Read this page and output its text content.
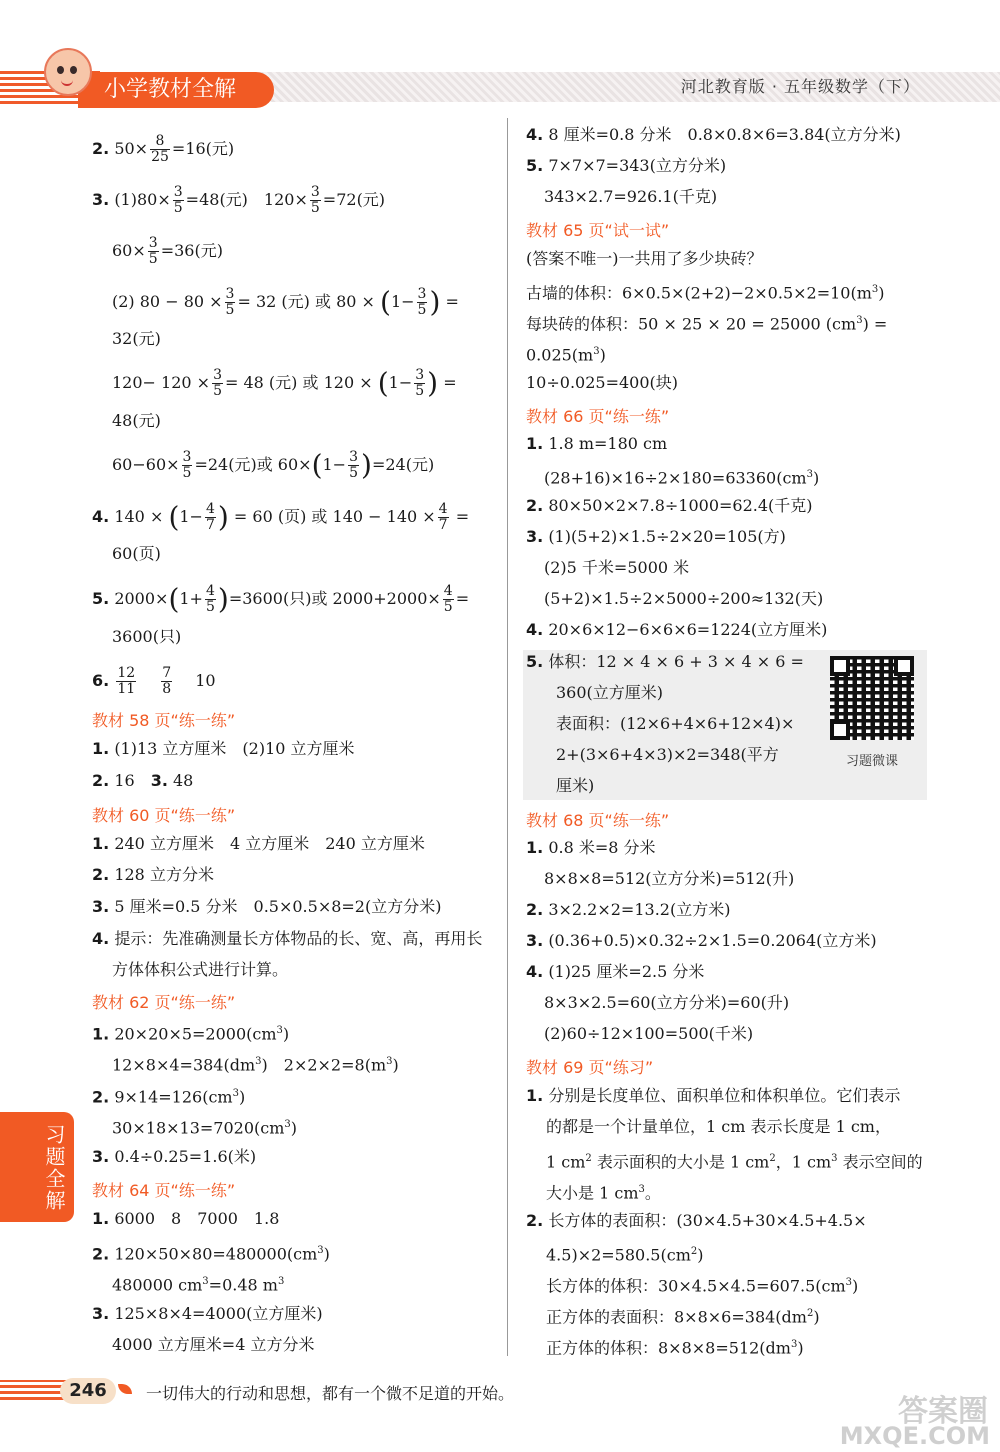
小学教材全解	河北教育版 · 五年级数学（下）
2. $50\times \frac{8}{25} =16$(元)
3. $(1)80\times \frac{3}{5} =48$(元)　$120\times \frac{3}{5} =72$(元)
$60\times \frac{3}{5} =36$(元)
(2) $80 - 80 \times \frac{3}{5} = 32$ (元) 或 $80 \times (1- \frac{3}{5}$ ) =
32(元)
$120- 120 \times \frac{3}{5} = 48$ (元) 或 $120 \times (1- \frac{3}{5}$ ) =
48(元)
$60-60\times \frac{3}{5} =24$(元)或 $60\times(1- \frac{3}{5} )=24$(元)
4. $140 \times (1- \frac{4}{7}$ ) = 60 (页) 或 $140 - 140 \times \frac{4}{7}$ =
60(页)
5. $2000\times(1+ \frac{4}{5} )=3600$(只)或 $2000+2000\times \frac{4}{5}$ =
3600(只)
6. $\frac{12}{11}$
　 $\frac{7}{8}$
　 10
教材 58 页“练一练”
1. (1)13 立方厘米　(2)10 立方厘米
2. 16　 3. 48
教材 60 页“练一练”
1. 240 立方厘米　4 立方厘米　240 立方厘米
2. 128 立方分米
3. 5 厘米=0.5 分米　0.5×0.5×8=2(立方分米)
4. 提示：先准确测量长方体物品的长、宽、高，再用长
方体体积公式进行计算。
教材 62 页“练一练”
1. $20\times 20\times 5=2000(cm^3)$
$12\times 8\times 4=384(dm^3)$　$2\times 2\times 2=8(m^3)$
2. $9\times 14=126(cm^3)$
$30\times 18\times 13=7020(cm^3)$
3. 0.4÷0.25=1.6(米)
教材 64 页“练一练”
1. 6000　8　7000　1.8
2. $120\times 50\times 80=480000(cm^3)$
480000 $cm^3=0.48$ $m^3$
3. 125×8×4=4000(立方厘米)
4000 立方厘米=4 立方分米
4. 8 厘米=0.8 分米　0.8×0.8×6=3.84(立方分米)
5. 7×7×7=343(立方分米)
343×2.7=926.1(千克)
教材 65 页“试一试”
(答案不唯一)一共用了多少块砖？
古墙的体积：$6\times 0.5\times(2+2)-2\times 0.5\times 2=10(m^3)$
每块砖的体积：50 × 25 × 20 = 25000 $(cm^3)$ =
$0.025(m^3)$
10÷0.025=400(块)
教材 66 页“练一练”
1. 1.8 m=180 cm
$(28+16)\times 16\div 2\times 180=63360(cm^3)$
2. 80×50×2×7.8÷1000=62.4(千克)
3. (1)(5+2)×1.5÷2×20=105(方)
(2)5 千米=5000 米
(5+2)×1.5÷2×5000÷200≈132(天)
4. 20×6×12−6×6×6=1224(立方厘米)
5. 体积：12 × 4 × 6 + 3 × 4 × 6 =
360(立方厘米)
表面积：(12×6+4×6+12×4)×
2+(3×6+4×3)×2=348(平方
厘米)
习题微课
教材 68 页“练一练”
1. 0.8 米=8 分米
8×8×8=512(立方分米)=512(升)
2. 3×2.2×2=13.2(立方米)
3. (0.36+0.5)×0.32÷2×1.5=0.2064(立方米)
4. (1)25 厘米=2.5 分米
8×3×2.5=60(立方分米)=60(升)
(2)60÷12×100=500(千米)
教材 69 页“练习”
1. 分别是长度单位、面积单位和体积单位。它们表示
的都是一个计量单位，1 cm 表示长度是 1 cm，
1 $cm^2$ 表示面积的大小是 1 $cm^2$，1 $cm^3$ 表示空间的
大小是 1 $cm^3$。
2. 长方体的表面积：(30×4.5+30×4.5+4.5×
$4.5)\times 2=580.5(cm^2)$
长方体的体积：$30\times 4.5\times 4.5=607.5(cm^3)$
正方体的表面积：$8\times 8\times 6=384(dm^2)$
正方体的体积：$8\times 8\times 8=512(dm^3)$
习题全解
246	一切伟大的行动和思想，都有一个微不足道的开始。
答案圈
MXQE.COM
